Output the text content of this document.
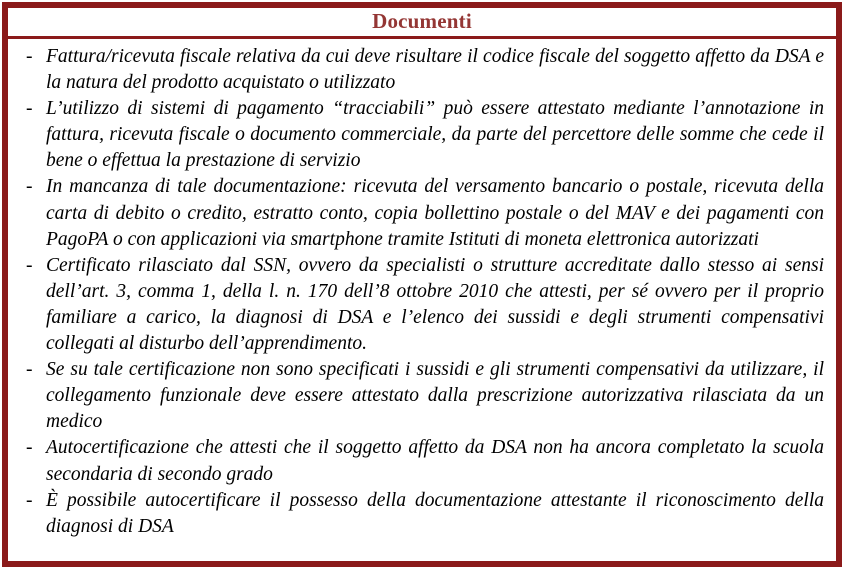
Documenti
- Fattura/ricevuta fiscale relativa da cui deve risultare il codice fiscale del soggetto affetto da DSA e la natura del prodotto acquistato o utilizzato
- L’utilizzo di sistemi di pagamento “tracciabili” può essere attestato mediante l’annotazione in fattura, ricevuta fiscale o documento commerciale, da parte del percettore delle somme che cede il bene o effettua la prestazione di servizio
- In mancanza di tale documentazione: ricevuta del versamento bancario o postale, ricevuta della carta di debito o credito, estratto conto, copia bollettino postale o del MAV e dei pagamenti con PagoPA o con applicazioni via smartphone tramite Istituti di moneta elettronica autorizzati
- Certificato rilasciato dal SSN, ovvero da specialisti o strutture accreditate dallo stesso ai sensi dell’art. 3, comma 1, della l. n. 170 dell’8 ottobre 2010 che attesti, per sé ovvero per il proprio familiare a carico, la diagnosi di DSA e l’elenco dei sussidi e degli strumenti compensativi collegati al disturbo dell’apprendimento.
- Se su tale certificazione non sono specificati i sussidi e gli strumenti compensativi da utilizzare, il collegamento funzionale deve essere attestato dalla prescrizione autorizzativa rilasciata da un medico
- Autocertificazione che attesti che il soggetto affetto da DSA non ha ancora completato la scuola secondaria di secondo grado
- È possibile autocertificare il possesso della documentazione attestante il riconoscimento della diagnosi di DSA
